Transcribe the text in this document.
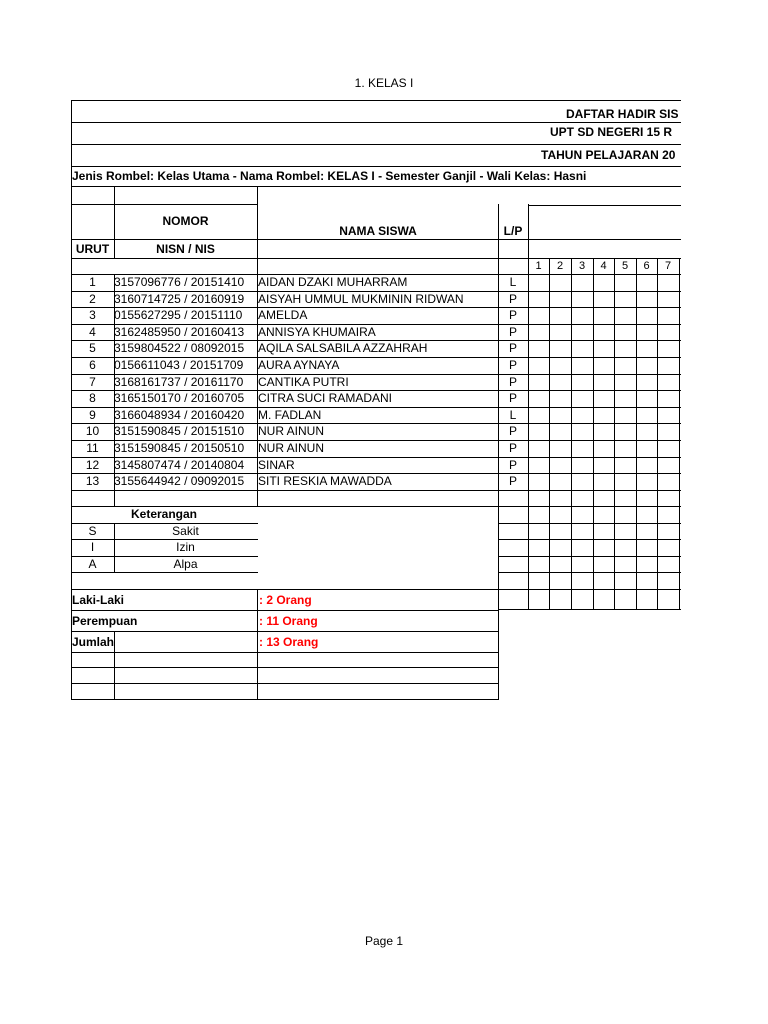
1. KELAS I
DAFTAR HADIR SIS
UPT SD NEGERI 15 R
TAHUN PELAJARAN 20
Jenis Rombel: Kelas Utama - Nama Rombel: KELAS I - Semester Ganjil - Wali Kelas: Hasni
NOMOR
URUT	NISN / NIS
NAMA SISWA	L/P
1	2	3	4	5	6	7
1	3157096776 / 20151410	AIDAN DZAKI MUHARRAM	L
2	3160714725 / 20160919	AISYAH UMMUL MUKMININ RIDWAN	P
3	0155627295 / 20151110	AMELDA	P
4	3162485950 / 20160413	ANNISYA KHUMAIRA	P
5	3159804522 / 08092015	AQILA SALSABILA AZZAHRAH	P
6	0156611043 / 20151709	AURA AYNAYA	P
7	3168161737 / 20161170	CANTIKA PUTRI	P
8	3165150170 / 20160705	CITRA SUCI RAMADANI	P
9	3166048934 / 20160420	M. FADLAN	L
10	3151590845 / 20151510	NUR AINUN	P
11	3151590845 / 20150510	NUR AINUN	P
12	3145807474 / 20140804	SINAR	P
13	3155644942 / 09092015	SITI RESKIA MAWADDA	P
Keterangan
S	Sakit
I	Izin
A	Alpa
Laki-Laki	: 2 Orang
Perempuan	: 11 Orang
Jumlah	: 13 Orang
Page 1
